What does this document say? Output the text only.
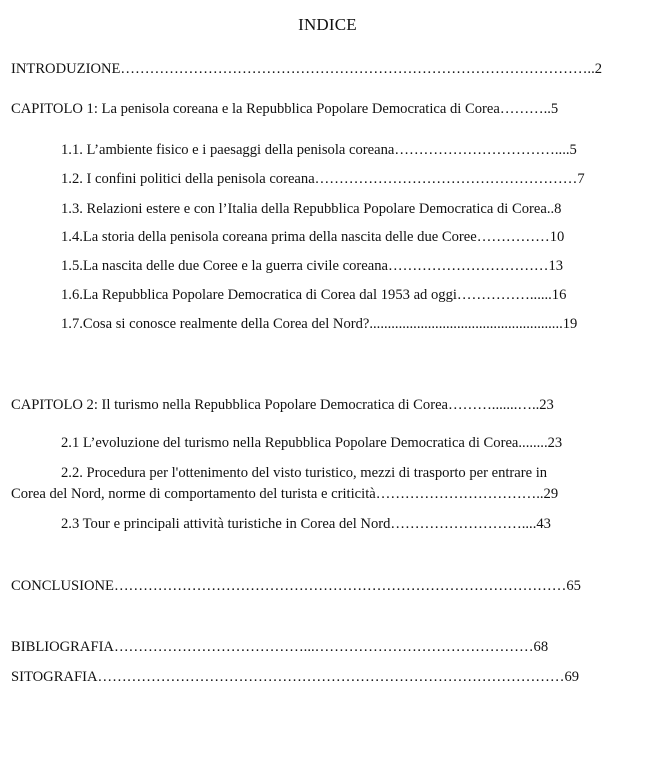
INDICE
INTRODUZIONE……………………………………………………………………………………..2
CAPITOLO 1: La penisola coreana e la Repubblica Popolare Democratica di Corea………..5
1.1. L’ambiente fisico e i paesaggi della penisola coreana……………………………....5
1.2. I confini politici della penisola coreana………………………………………………7
1.3. Relazioni estere e con l’Italia della Repubblica Popolare Democratica di Corea..8
1.4.La storia della penisola coreana prima della nascita delle due Coree……………10
1.5.La nascita delle due Coree e la guerra civile coreana……………………………13
1.6.La Repubblica Popolare Democratica di Corea dal 1953 ad oggi……………......16
1.7.Cosa si conosce realmente della Corea del Nord?.....................................................19
CAPITOLO 2: Il turismo nella Repubblica Popolare Democratica di Corea……….......…..23
2.1 L’evoluzione del turismo nella Repubblica Popolare Democratica di Corea........23
2.2. Procedura per l'ottenimento del visto turistico, mezzi di trasporto per entrare in
Corea del Nord, norme di comportamento del turista e criticità……………………………..29
2.3 Tour e principali attività turistiche in Corea del Nord………………………....43
CONCLUSIONE…………………………………………………………………………………65
BIBLIOGRAFIA…………………………………...………………………………………68
SITOGRAFIA……………………………………………………………………………………69
